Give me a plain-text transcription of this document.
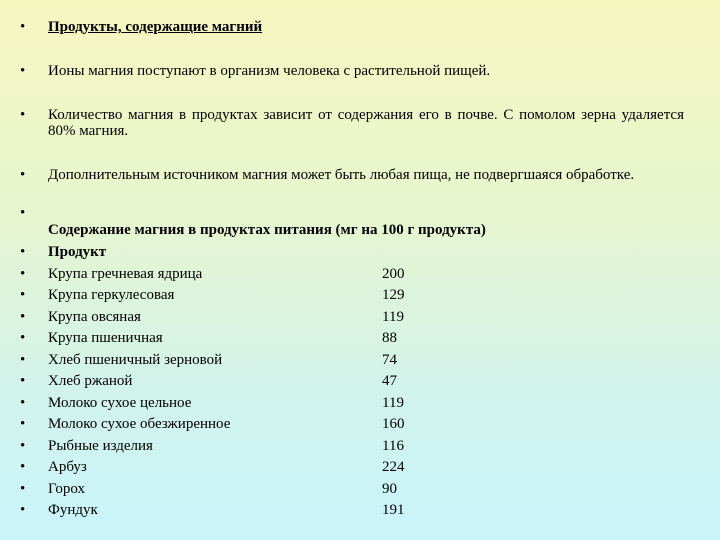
•	Продукты, содержащие магний
•	Ионы магния поступают в организм человека с растительной пищей.
•	Количество магния в продуктах зависит от содержания его в почве. С помолом зерна удаляется 80% магния.
•	Дополнительным источником магния может быть любая пища, не подвергшаяся обработке.
•
Содержание магния в продуктах питания (мг на 100 г продукта)
•	Продукт
•	Крупа гречневая ядрица	200
•	Крупа геркулесовая	129
•	Крупа овсяная	119
•	Крупа пшеничная	88
•	Хлеб пшеничный зерновой	74
•	Хлеб ржаной	47
•	Молоко сухое цельное	119
•	Молоко сухое обезжиренное	160
•	Рыбные изделия	116
•	Арбуз	224
•	Горох	90
•	Фундук	191
